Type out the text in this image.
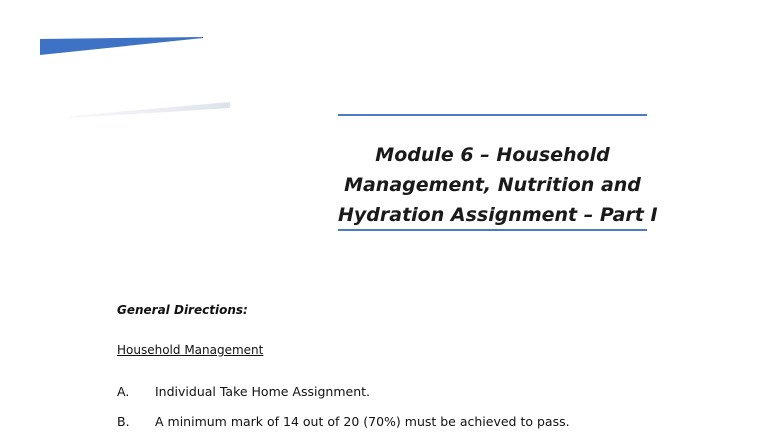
Module 6 – Household
Management, Nutrition and
Hydration Assignment – Part I
General Directions:
Household Management
A. Individual Take Home Assignment.
B. A minimum mark of 14 out of 20 (70%) must be achieved to pass.
